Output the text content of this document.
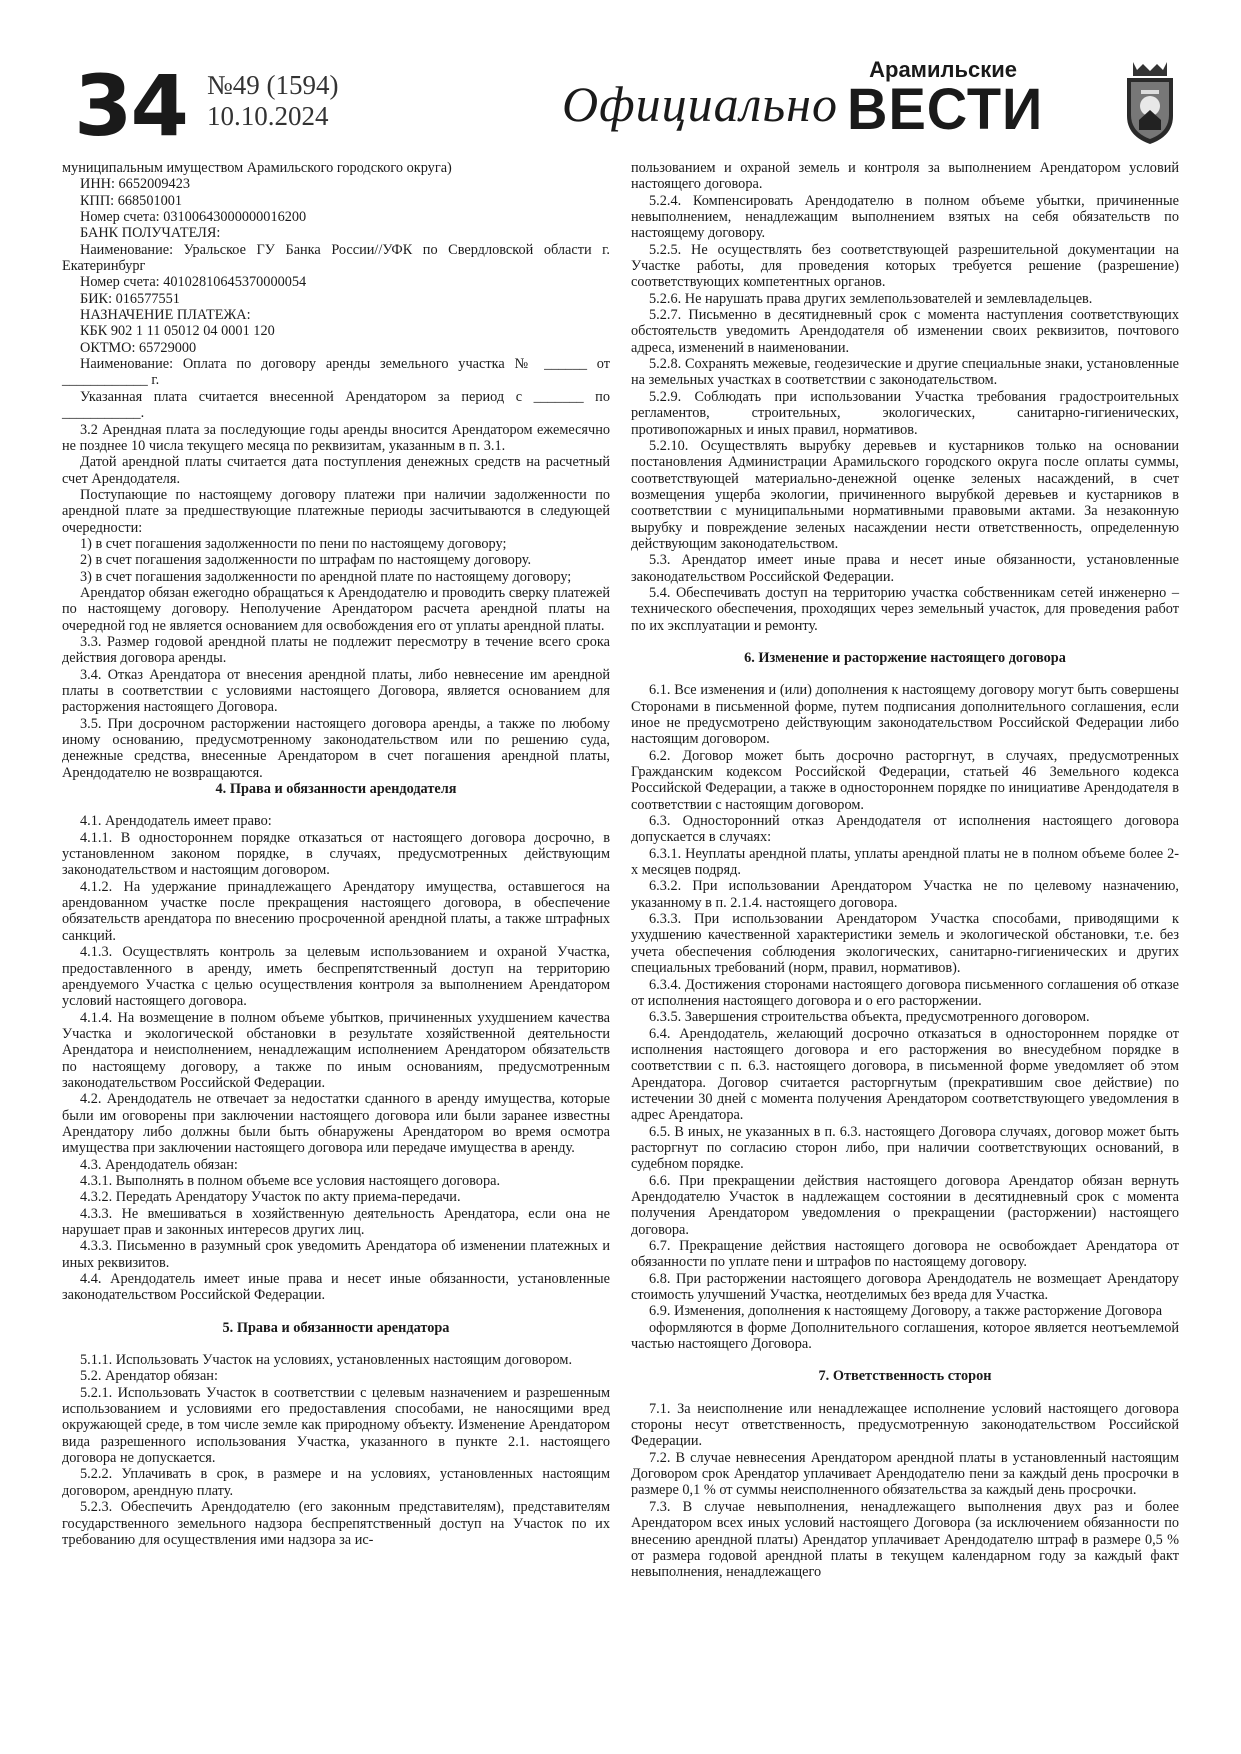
34 №49 (1594)
10.10.2024	Официально
Арамильские
ВЕСТИ

муниципальным имуществом Арамильского городского округа)

ИНН: 6652009423

КПП: 668501001

Номер счета: 03100643000000016200

БАНК ПОЛУЧАТЕЛЯ:

Наименование: Уральское ГУ Банка России//УФК по Свердловской области г. Екатеринбург

Номер счета: 40102810645370000054

БИК: 016577551

НАЗНАЧЕНИЕ ПЛАТЕЖА:

КБК 902 1 11 05012 04 0001 120

ОКТМО: 65729000

Наименование: Оплата по договору аренды земельного участка № ______ от ____________ г.

Указанная плата считается внесенной Арендатором за период с _______ по ___________.

3.2 Арендная плата за последующие годы аренды вносится Арендатором ежемесячно не позднее 10 числа текущего месяца по реквизитам, указанным в п. 3.1.

Датой арендной платы считается дата поступления денежных средств на расчетный счет Арендодателя.

Поступающие по настоящему договору платежи при наличии задолженности по арендной плате за предшествующие платежные периоды засчитываются в следующей очередности:

1) в счет погашения задолженности по пени по настоящему договору;

2) в счет погашения задолженности по штрафам по настоящему договору.

3) в счет погашения задолженности по арендной плате по настоящему договору;

Арендатор обязан ежегодно обращаться к Арендодателю и проводить сверку платежей по настоящему договору. Неполучение Арендатором расчета арендной платы на очередной год не является основанием для освобождения его от уплаты арендной платы.

3.3. Размер годовой арендной платы не подлежит пересмотру в течение всего срока действия договора аренды.

3.4. Отказ Арендатора от внесения арендной платы, либо невнесение им арендной платы в соответствии с условиями настоящего Договора, является основанием для расторжения настоящего Договора.

3.5. При досрочном расторжении настоящего договора аренды, а также по любому иному основанию, предусмотренному законодательством или по решению суда, денежные средства, внесенные Арендатором в счет погашения арендной платы, Арендодателю не возвращаются.

4. Права и обязанности арендодателя

4.1. Арендодатель имеет право:

4.1.1. В одностороннем порядке отказаться от настоящего договора досрочно, в установленном законом порядке, в случаях, предусмотренных действующим законодательством и настоящим договором.

4.1.2. На удержание принадлежащего Арендатору имущества, оставшегося на арендованном участке после прекращения настоящего договора, в обеспечение обязательств арендатора по внесению просроченной арендной платы, а также штрафных санкций.

4.1.3. Осуществлять контроль за целевым использованием и охраной Участка, предоставленного в аренду, иметь беспрепятственный доступ на территорию арендуемого Участка с целью осуществления контроля за выполнением Арендатором условий настоящего договора.

4.1.4. На возмещение в полном объеме убытков, причиненных ухудшением качества Участка и экологической обстановки в результате хозяйственной деятельности Арендатора и неисполнением, ненадлежащим исполнением Арендатором обязательств по настоящему договору, а также по иным основаниям, предусмотренным законодательством Российской Федерации.

4.2. Арендодатель не отвечает за недостатки сданного в аренду имущества, которые были им оговорены при заключении настоящего договора или были заранее известны Арендатору либо должны были быть обнаружены Арендатором во время осмотра имущества при заключении настоящего договора или передаче имущества в аренду.

4.3. Арендодатель обязан:

4.3.1. Выполнять в полном объеме все условия настоящего договора.

4.3.2. Передать Арендатору Участок по акту приема-передачи.

4.3.3. Не вмешиваться в хозяйственную деятельность Арендатора, если она не нарушает прав и законных интересов других лиц.

4.3.3. Письменно в разумный срок уведомить Арендатора об изменении платежных и иных реквизитов.

4.4. Арендодатель имеет иные права и несет иные обязанности, установленные законодательством Российской Федерации.

5. Права и обязанности арендатора

5.1.1. Использовать Участок на условиях, установленных настоящим договором.

5.2. Арендатор обязан:

5.2.1. Использовать Участок в соответствии с целевым назначением и разрешенным использованием и условиями его предоставления способами, не наносящими вред окружающей среде, в том числе земле как природному объекту. Изменение Арендатором вида разрешенного использования Участка, указанного в пункте 2.1. настоящего договора не допускается.

5.2.2. Уплачивать в срок, в размере и на условиях, установленных настоящим договором, арендную плату.

5.2.3. Обеспечить Арендодателю (его законным представителям), представителям государственного земельного надзора беспрепятственный доступ на Участок по их требованию для осуществления ими надзора за ис-

пользованием и охраной земель и контроля за выполнением Арендатором условий настоящего договора.

5.2.4. Компенсировать Арендодателю в полном объеме убытки, причиненные невыполнением, ненадлежащим выполнением взятых на себя обязательств по настоящему договору.

5.2.5. Не осуществлять без соответствующей разрешительной документации на Участке работы, для проведения которых требуется решение (разрешение) соответствующих компетентных органов.

5.2.6. Не нарушать права других землепользователей и землевладельцев.

5.2.7. Письменно в десятидневный срок с момента наступления соответствующих обстоятельств уведомить Арендодателя об изменении своих реквизитов, почтового адреса, изменений в наименовании.

5.2.8. Сохранять межевые, геодезические и другие специальные знаки, установленные на земельных участках в соответствии с законодательством.

5.2.9. Соблюдать при использовании Участка требования градостроительных регламентов, строительных, экологических, санитарно-гигиенических, противопожарных и иных правил, нормативов.

5.2.10. Осуществлять вырубку деревьев и кустарников только на основании постановления Администрации Арамильского городского округа после оплаты суммы, соответствующей материально-денежной оценке зеленых насаждений, в счет возмещения ущерба экологии, причиненного вырубкой деревьев и кустарников в соответствии с муниципальными нормативными правовыми актами. За незаконную вырубку и повреждение зеленых насаждении нести ответственность, определенную действующим законодательством.

5.3. Арендатор имеет иные права и несет иные обязанности, установленные законодательством Российской Федерации.

5.4. Обеспечивать доступ на территорию участка собственникам сетей инженерно – технического обеспечения, проходящих через земельный участок, для проведения работ по их эксплуатации и ремонту.

6. Изменение и расторжение настоящего договора

6.1. Все изменения и (или) дополнения к настоящему договору могут быть совершены Сторонами в письменной форме, путем подписания дополнительного соглашения, если иное не предусмотрено действующим законодательством Российской Федерации либо настоящим договором.

6.2. Договор может быть досрочно расторгнут, в случаях, предусмотренных Гражданским кодексом Российской Федерации, статьей 46 Земельного кодекса Российской Федерации, а также в одностороннем порядке по инициативе Арендодателя в соответствии с настоящим договором.

6.3. Односторонний отказ Арендодателя от исполнения настоящего договора допускается в случаях:

6.3.1. Неуплаты арендной платы, уплаты арендной платы не в полном объеме более 2-х месяцев подряд.

6.3.2. При использовании Арендатором Участка не по целевому назначению, указанному в п. 2.1.4. настоящего договора.

6.3.3. При использовании Арендатором Участка способами, приводящими к ухудшению качественной характеристики земель и экологической обстановки, т.е. без учета обеспечения соблюдения экологических, санитарно-гигиенических и других специальных требований (норм, правил, нормативов).

6.3.4. Достижения сторонами настоящего договора письменного соглашения об отказе от исполнения настоящего договора и о его расторжении.

6.3.5. Завершения строительства объекта, предусмотренного договором.

6.4. Арендодатель, желающий досрочно отказаться в одностороннем порядке от исполнения настоящего договора и его расторжения во внесудебном порядке в соответствии с п. 6.3. настоящего договора, в письменной форме уведомляет об этом Арендатора. Договор считается расторгнутым (прекратившим свое действие) по истечении 30 дней с момента получения Арендатором соответствующего уведомления в адрес Арендатора.

6.5. В иных, не указанных в п. 6.3. настоящего Договора случаях, договор может быть расторгнут по согласию сторон либо, при наличии соответствующих оснований, в судебном порядке.

6.6. При прекращении действия настоящего договора Арендатор обязан вернуть Арендодателю Участок в надлежащем состоянии в десятидневный срок с момента получения Арендатором уведомления о прекращении (расторжении) настоящего договора.

6.7. Прекращение действия настоящего договора не освобождает Арендатора от обязанности по уплате пени и штрафов по настоящему договору.

6.8. При расторжении настоящего договора Арендодатель не возмещает Арендатору стоимость улучшений Участка, неотделимых без вреда для Участка.

6.9. Изменения, дополнения к настоящему Договору, а также расторжение Договора

оформляются в форме Дополнительного соглашения, которое является неотъемлемой частью настоящего Договора.

7. Ответственность сторон

7.1. За неисполнение или ненадлежащее исполнение условий настоящего договора стороны несут ответственность, предусмотренную законодательством Российской Федерации.

7.2. В случае невнесения Арендатором арендной платы в установленный настоящим Договором срок Арендатор уплачивает Арендодателю пени за каждый день просрочки в размере 0,1 % от суммы неисполненного обязательства за каждый день просрочки.

7.3. В случае невыполнения, ненадлежащего выполнения двух раз и более Арендатором всех иных условий настоящего Договора (за исключением обязанности по внесению арендной платы) Арендатор уплачивает Арендодателю штраф в размере 0,5 % от размера годовой арендной платы в текущем календарном году за каждый факт невыполнения, ненадлежащего
